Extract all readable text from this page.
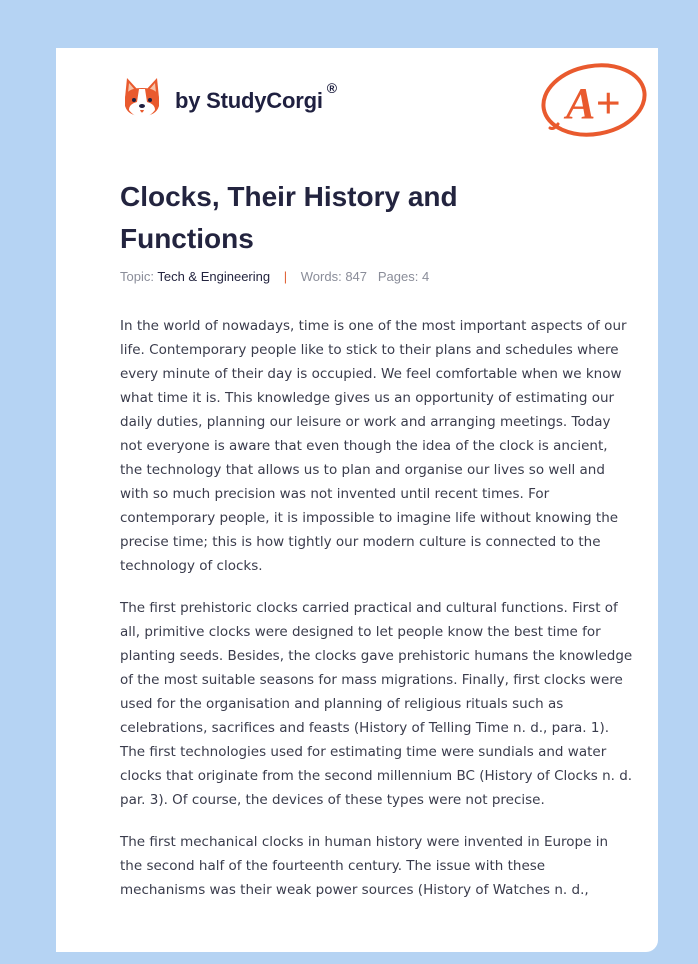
by StudyCorgi ®	A+
Clocks, Their History and Functions
Topic: Tech & Engineering | Words: 847 Pages: 4

In the world of nowadays, time is one of the most important aspects of our life. Contemporary people like to stick to their plans and schedules where every minute of their day is occupied. We feel comfortable when we know what time it is. This knowledge gives us an opportunity of estimating our daily duties, planning our leisure or work and arranging meetings. Today not everyone is aware that even though the idea of the clock is ancient, the technology that allows us to plan and organise our lives so well and with so much precision was not invented until recent times. For contemporary people, it is impossible to imagine life without knowing the precise time; this is how tightly our modern culture is connected to the technology of clocks.

The first prehistoric clocks carried practical and cultural functions. First of all, primitive clocks were designed to let people know the best time for planting seeds. Besides, the clocks gave prehistoric humans the knowledge of the most suitable seasons for mass migrations. Finally, first clocks were used for the organisation and planning of religious rituals such as celebrations, sacrifices and feasts (History of Telling Time n. d., para. 1). The first technologies used for estimating time were sundials and water clocks that originate from the second millennium BC (History of Clocks n. d. par. 3). Of course, the devices of these types were not precise.

The first mechanical clocks in human history were invented in Europe in the second half of the fourteenth century. The issue with these mechanisms was their weak power sources (History of Watches n. d.,
